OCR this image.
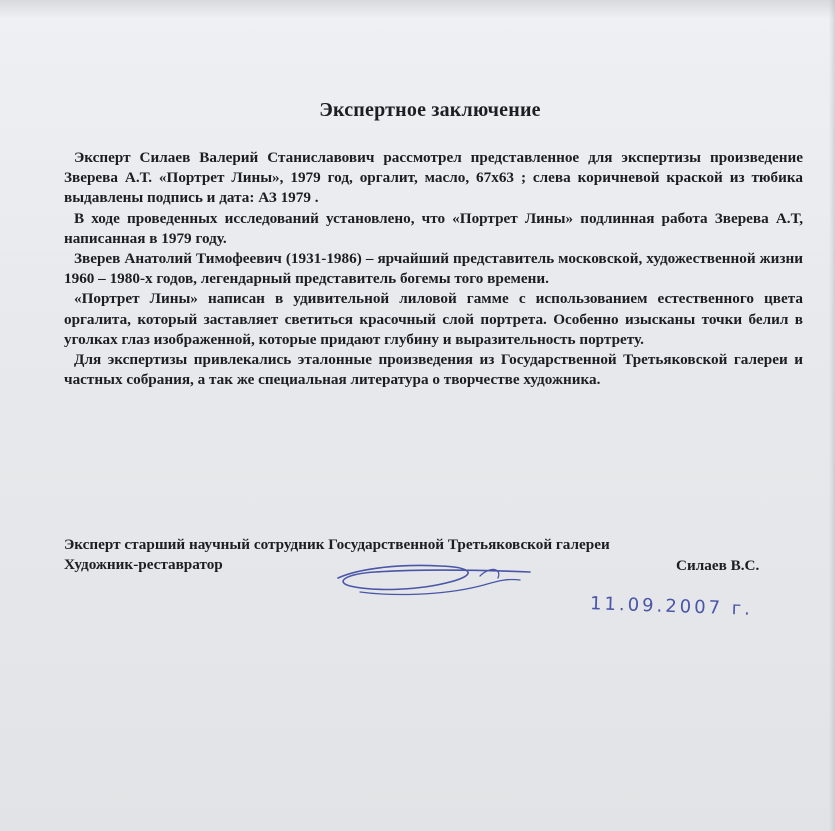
Экспертное заключение

Эксперт Силаев Валерий Станиславович рассмотрел представленное для экспертизы произведение Зверева А.Т. «Портрет Лины», 1979 год, оргалит, масло, 67х63 ; слева коричневой краской из тюбика выдавлены подпись и дата: АЗ 1979 .

В ходе проведенных исследований установлено, что «Портрет Лины» подлинная работа Зверева А.Т, написанная в 1979 году.

Зверев Анатолий Тимофеевич (1931-1986) – ярчайший представитель московской, художественной жизни 1960 – 1980-х годов, легендарный представитель богемы того времени.

«Портрет Лины» написан в удивительной лиловой гамме с использованием естественного цвета оргалита, который заставляет светиться красочный слой портрета. Особенно изысканы точки белил в уголках глаз изображенной, которые придают глубину и выразительность портрету.

Для экспертизы привлекались эталонные произведения из Государственной Третьяковской галереи и частных собрания, а так же специальная литература о творчестве художника.

Эксперт старший научный сотрудник Государственной Третьяковской галереи
Художник-реставратор	Силаев В.С.
11.09.2007 г.
